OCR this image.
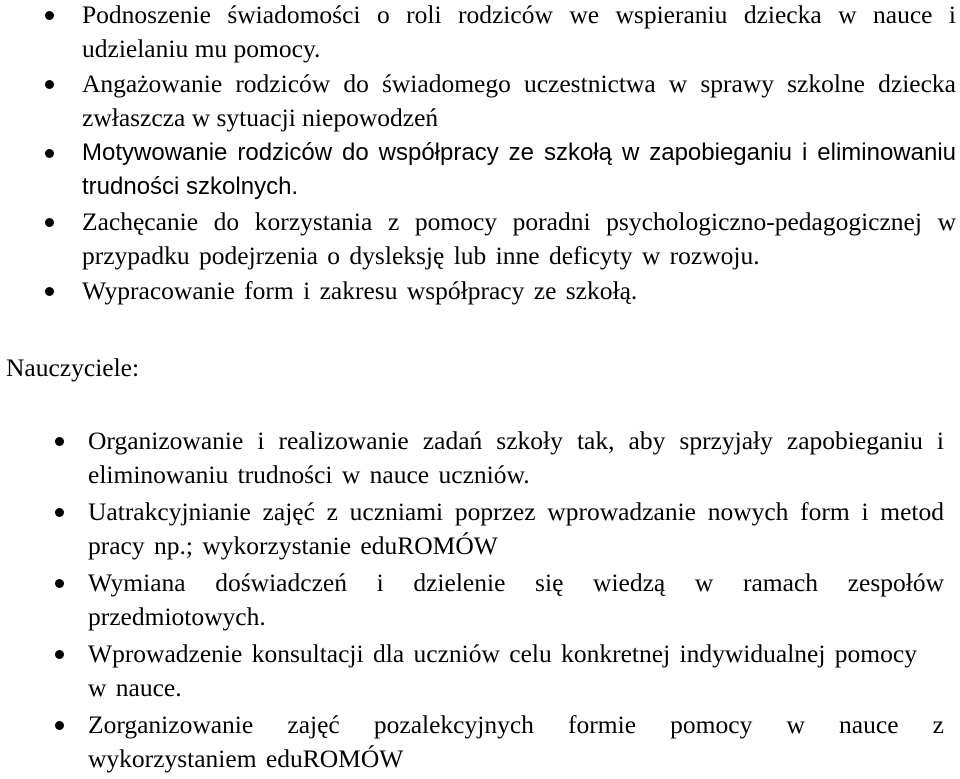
Podnoszenie świadomości o roli rodziców we wspieraniu dziecka w nauce i udzielaniu mu pomocy.
Angażowanie rodziców do świadomego uczestnictwa w sprawy szkolne dziecka zwłaszcza w sytuacji niepowodzeń
Motywowanie rodziców do współpracy ze szkołą w zapobieganiu i eliminowaniu trudności szkolnych.
Zachęcanie do korzystania z pomocy poradni psychologiczno-pedagogicznej w przypadku podejrzenia o dysleksję lub inne deficyty w rozwoju.
Wypracowanie form i zakresu współpracy ze szkołą.
Nauczyciele:
Organizowanie i realizowanie zadań szkoły tak, aby sprzyjały zapobieganiu i eliminowaniu trudności w nauce uczniów.
Uatrakcyjnianie zajęć z uczniami poprzez wprowadzanie nowych form i metod pracy np.; wykorzystanie eduROMÓW
Wymiana doświadczeń i dzielenie się wiedzą w ramach zespołów przedmiotowych.
Wprowadzenie konsultacji dla uczniów celu konkretnej indywidualnej pomocy w nauce.
Zorganizowanie zajęć pozalekcyjnych formie pomocy w nauce z wykorzystaniem eduROMÓW
